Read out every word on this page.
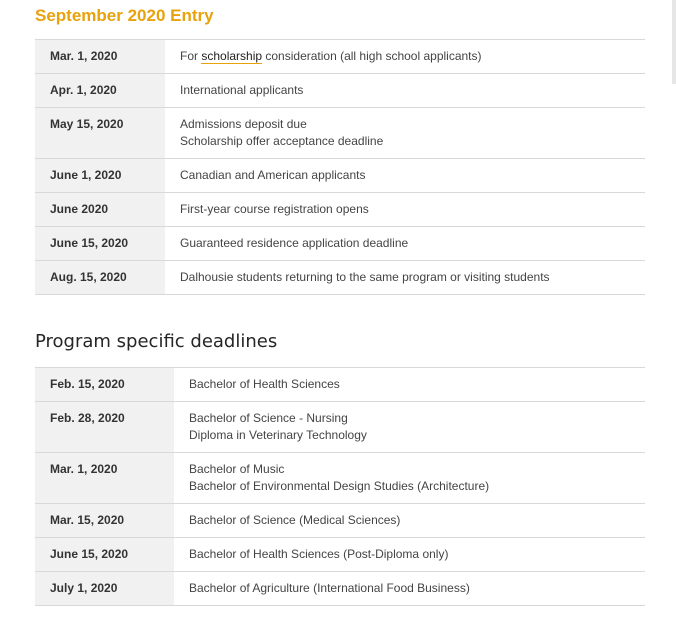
September 2020 Entry
Mar. 1, 2020	For scholarship consideration (all high school applicants)
Apr. 1, 2020	International applicants

May 15, 2020	Admissions deposit due
Scholarship offer acceptance deadline

June 1, 2020	Canadian and American applicants

June 2020	First-year course registration opens

June 15, 2020	Guaranteed residence application deadline

Aug. 15, 2020	Dalhousie students returning to the same program or visiting students
Program specific deadlines
Feb. 15, 2020	Bachelor of Health Sciences

Feb. 28, 2020	Bachelor of Science - Nursing
Diploma in Veterinary Technology

Mar. 1, 2020	Bachelor of Music
Bachelor of Environmental Design Studies (Architecture)

Mar. 15, 2020	Bachelor of Science (Medical Sciences)

June 15, 2020	Bachelor of Health Sciences (Post-Diploma only)

July 1, 2020	Bachelor of Agriculture (International Food Business)
